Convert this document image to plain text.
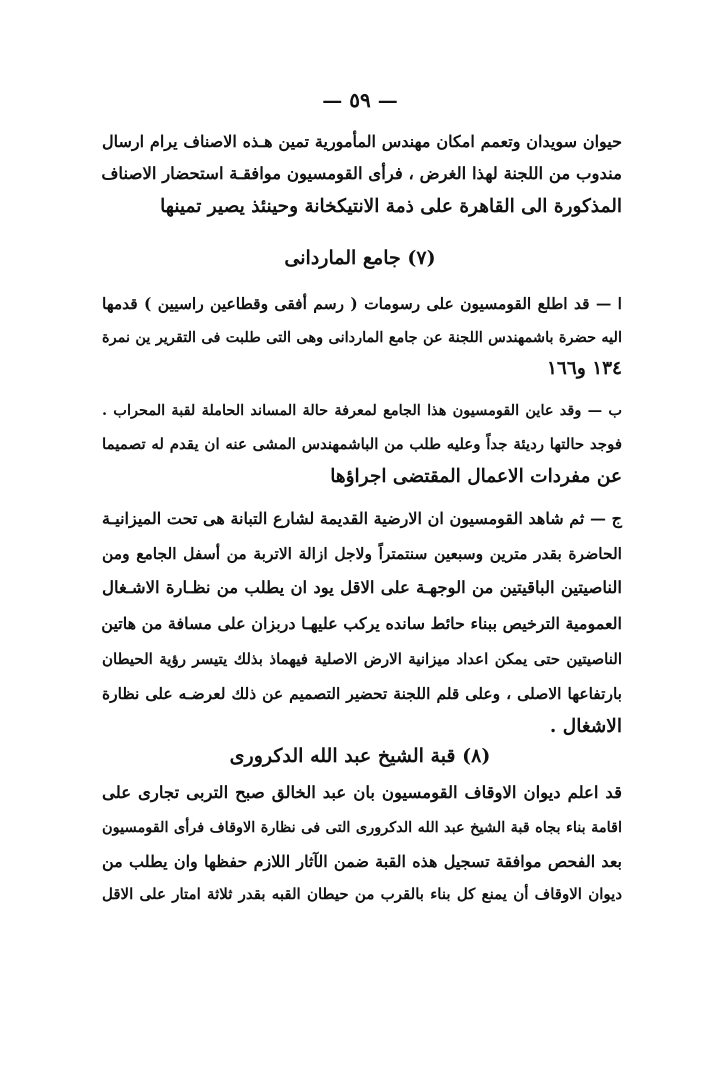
— ٥٩ —
حيوان سويدان وتعمم امكان مهندس المأمورية تمين هـذه الاصناف يرام ارسال
مندوب من اللجنة لهذا الغرض ، فرأى القومسيون موافقـة استحضار الاصناف
المذكورة الى القاهرة على ذمة الانتيكخانة وحينئذ يصير تمينها
(٧) جامع الماردانى
ا — قد اطلع القومسيون على رسومات ( رسم أفقى وقطاعين راسيين ) قدمها
اليه حضرة باشمهندس اللجنة عن جامع الماردانى وهى التى طلبت فى التقرير ين نمرة
١٣٤ و١٦٦
ب — وقد عاين القومسيون هذا الجامع لمعرفة حالة المساند الحاملة لقبة المحراب .
فوجد حالتها رديئة جداً وعليه طلب من الباشمهندس المشى عنه ان يقدم له تصميما
عن مفردات الاعمال المقتضى اجراؤها
ج — ثم شاهد القومسيون ان الارضية القديمة لشارع التبانة هى تحت الميزانيـة
الحاضرة بقدر مترين وسبعين سنتمتراً ولاجل ازالة الاتربة من أسفل الجامع ومن
الناصيتين الباقيتين من الوجهـة على الاقل يود ان يطلب من نظـارة الاشـغال
العمومية الترخيص ببناء حائط سانده يركب عليهـا دربزان على مسافة من هاتين
الناصيتين حتى يمكن اعداد ميزانية الارض الاصلية فيهماذ بذلك يتيسر رؤية الحيطان
بارتفاعها الاصلى ، وعلى قلم اللجنة تحضير التصميم عن ذلك لعرضـه على نظارة
الاشغال .
(٨) قبة الشيخ عبد الله الدكرورى
قد اعلم ديوان الاوقاف القومسيون بان عبد الخالق صبح التربى تجارى على
اقامة بناء بجاه قبة الشيخ عبد الله الدكرورى التى فى نظارة الاوقاف فرأى القومسيون
بعد الفحص موافقة تسجيل هذه القبة ضمن الآثار اللازم حفظها وان يطلب من
ديوان الاوقاف أن يمنع كل بناء بالقرب من حيطان القبه بقدر ثلاثة امتار على الاقل
